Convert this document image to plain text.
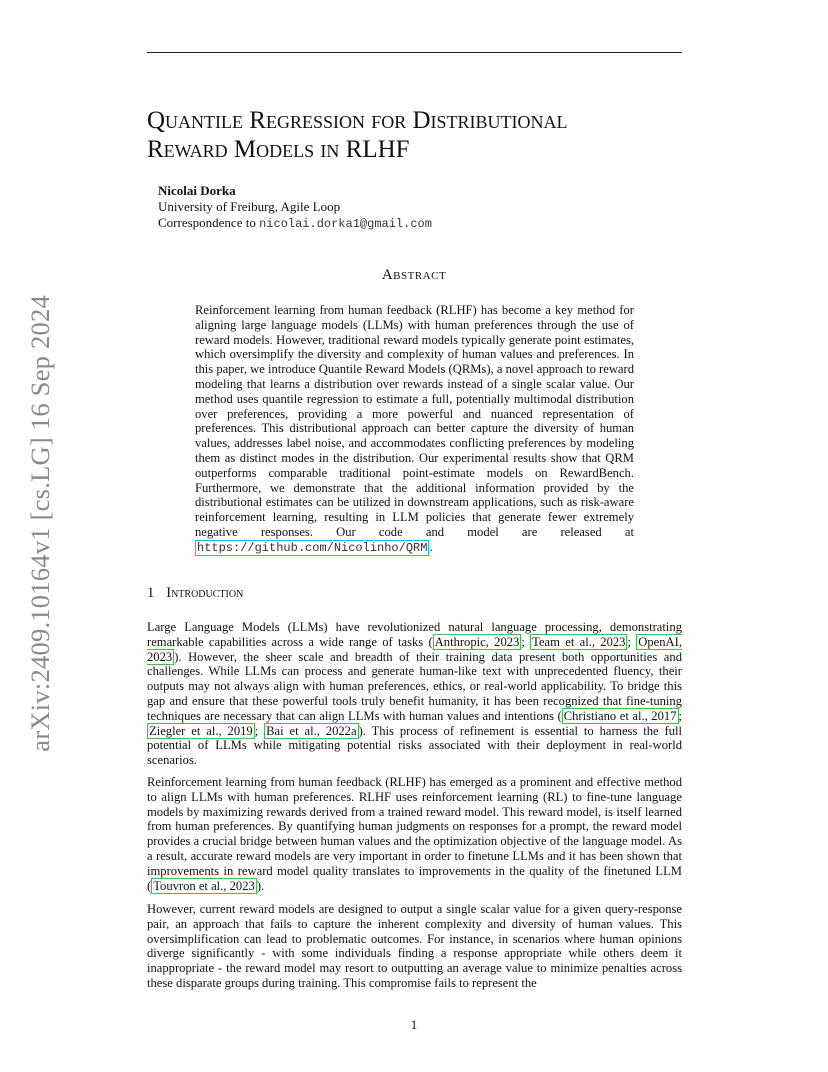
arXiv:2409.10164v1 [cs.LG] 16 Sep 2024
Quantile Regression for Distributional
Reward Models in RLHF
Nicolai Dorka
University of Freiburg, Agile Loop
Correspondence to nicolai.dorka1@gmail.com
Abstract

Reinforcement learning from human feedback (RLHF) has become a key method for aligning large language models (LLMs) with human preferences through the use of reward models. However, traditional reward models typically generate point estimates, which oversimplify the diversity and complexity of human values and preferences. In this paper, we introduce Quantile Reward Models (QRMs), a novel approach to reward modeling that learns a distribution over rewards instead of a single scalar value. Our method uses quantile regression to estimate a full, potentially multimodal distribution over preferences, providing a more powerful and nuanced representation of preferences. This distributional approach can better capture the diversity of human values, addresses label noise, and accommodates conflicting preferences by modeling them as distinct modes in the distribution. Our experimental results show that QRM outperforms comparable traditional point-estimate models on RewardBench. Furthermore, we demonstrate that the additional information provided by the distributional estimates can be utilized in downstream applications, such as risk-aware reinforcement learning, resulting in LLM policies that generate fewer extremely negative responses. Our code and model are released at https://github.com/Nicolinho/QRM .

1 Introduction

Large Language Models (LLMs) have revolutionized natural language processing, demonstrating remarkable capabilities across a wide range of tasks ( Anthropic, 2023 ; Team et al., 2023 ; OpenAI, 2023 ). However, the sheer scale and breadth of their training data present both opportunities and challenges. While LLMs can process and generate human-like text with unprecedented fluency, their outputs may not always align with human preferences, ethics, or real-world applicability. To bridge this gap and ensure that these powerful tools truly benefit humanity, it has been recognized that fine-tuning techniques are necessary that can align LLMs with human values and intentions ( Christiano et al., 2017 ; Ziegler et al., 2019 ; Bai et al., 2022a ). This process of refinement is essential to harness the full potential of LLMs while mitigating potential risks associated with their deployment in real-world scenarios.

Reinforcement learning from human feedback (RLHF) has emerged as a prominent and effective method to align LLMs with human preferences. RLHF uses reinforcement learning (RL) to fine-tune language models by maximizing rewards derived from a trained reward model. This reward model, is itself learned from human preferences. By quantifying human judgments on responses for a prompt, the reward model provides a crucial bridge between human values and the optimization objective of the language model. As a result, accurate reward models are very important in order to finetune LLMs and it has been shown that improvements in reward model quality translates to improvements in the quality of the finetuned LLM ( Touvron et al., 2023 ).

However, current reward models are designed to output a single scalar value for a given query-response pair, an approach that fails to capture the inherent complexity and diversity of human values. This oversimplification can lead to problematic outcomes. For instance, in scenarios where human opinions diverge significantly - with some individuals finding a response appropriate while others deem it inappropriate - the reward model may resort to outputting an average value to minimize penalties across these disparate groups during training. This compromise fails to represent the

1
